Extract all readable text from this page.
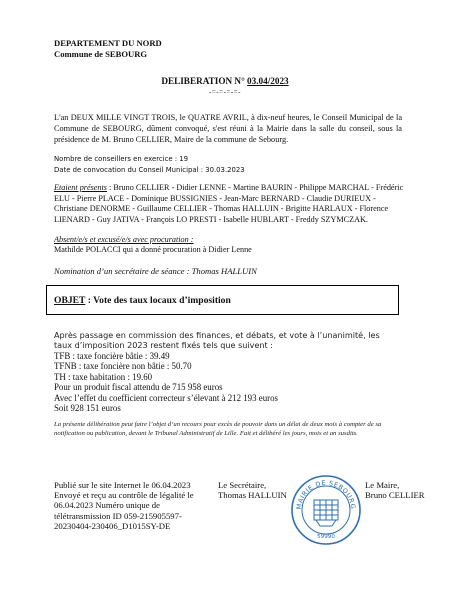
DEPARTEMENT DU NORD
Commune de SEBOURG
DELIBERATION N° 03.04/2023
-=-=-=-=-
L'an DEUX MILLE VINGT TROIS, le QUATRE AVRIL, à dix-neuf heures, le Conseil Municipal de la Commune de SEBOURG, dûment convoqué, s'est réuni à la Mairie dans la salle du conseil, sous la présidence de M. Bruno CELLIER, Maire de la commune de Sebourg.
Nombre de conseillers en exercice : 19
Date de convocation du Conseil Municipal : 30.03.2023
Etaient présents : Bruno CELLIER - Didier LENNE - Martine BAURIN - Philippe MARCHAL - Frédéric ELU - Pierre PLACE - Dominique BUSSIGNIES - Jean-Marc BERNARD - Claudie DURIEUX - Christiane DENORME - Guillaume CELLIER - Thomas HALLUIN - Brigitte HARLAUX - Florence LIENARD - Guy JATIVA - François LO PRESTI - Isabelle HUBLART - Freddy SZYMCZAK.
Absent/e/s et excusé/e/s avec procuration :
Mathilde POLACCI qui a donné procuration à Didier Lenne
Nomination d’un secrétaire de séance : Thomas HALLUIN
OBJET : Vote des taux locaux d’imposition
Après passage en commission des finances, et débats, et vote à l’unanimité, les taux d’imposition 2023 restent fixés tels que suivent :
TFB : taxe foncière bâtie : 39.49
TFNB : taxe foncière non bâtie : 50.70
TH : taxe habitation : 19.60
Pour un produit fiscal attendu de 715 958 euros
Avec l’effet du coefficient correcteur s’élevant à 212 193 euros
Soit 928 151 euros
La présente délibération peut faire l’objet d’un recours pour excès de pouvoir dans un délai de deux mois à compter de sa notification ou publication, devant le Tribunal Administratif de Lille. Fait et délibéré les jours, mois et an susdits.
Publié sur le site Internet le 06.04.2023 Envoyé et reçu au contrôle de légalité le 06.04.2023 Numéro unique de télétransmission ID 059-215905597-20230404-230406_D1015SY-DE
Le Secrétaire,
Thomas HALLUIN
Le Maire,
Bruno CELLIER
MAIRIE DE SEBOURG
59990
